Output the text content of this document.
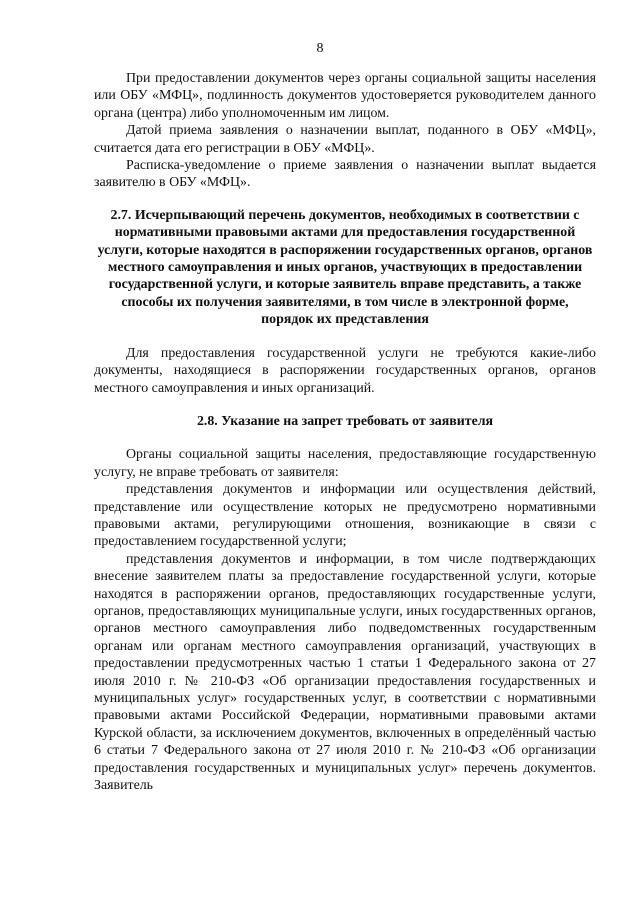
8

При предоставлении документов через органы социальной защиты населения или ОБУ «МФЦ», подлинность документов удостоверяется руководителем данного органа (центра) либо уполномоченным им лицом.

Датой приема заявления о назначении выплат, поданного в ОБУ «МФЦ», считается дата его регистрации в ОБУ «МФЦ».

Расписка-уведомление о приеме заявления о назначении выплат выдается заявителю в ОБУ «МФЦ».

2.7. Исчерпывающий перечень документов, необходимых в соответствии с нормативными правовыми актами для предоставления государственной услуги, которые находятся в распоряжении государственных органов, органов местного самоуправления и иных органов, участвующих в предоставлении государственной услуги, и которые заявитель вправе представить, а также способы их получения заявителями, в том числе в электронной форме, порядок их представления

Для предоставления государственной услуги не требуются какие-либо документы, находящиеся в распоряжении государственных органов, органов местного самоуправления и иных организаций.

2.8. Указание на запрет требовать от заявителя

Органы социальной защиты населения, предоставляющие государственную услугу, не вправе требовать от заявителя:

представления документов и информации или осуществления действий, представление или осуществление которых не предусмотрено нормативными правовыми актами, регулирующими отношения, возникающие в связи с предоставлением государственной услуги;

представления документов и информации, в том числе подтверждающих внесение заявителем платы за предоставление государственной услуги, которые находятся в распоряжении органов, предоставляющих государственные услуги, органов, предоставляющих муниципальные услуги, иных государственных органов, органов местного самоуправления либо подведомственных государственным органам или органам местного самоуправления организаций, участвующих в предоставлении предусмотренных частью 1 статьи 1 Федерального закона от 27 июля 2010 г. № 210-ФЗ «Об организации предоставления государственных и муниципальных услуг» государственных услуг, в соответствии с нормативными правовыми актами Российской Федерации, нормативными правовыми актами Курской области, за исключением документов, включенных в определённый частью 6 статьи 7 Федерального закона от 27 июля 2010 г. № 210-ФЗ «Об организации предоставления государственных и муниципальных услуг» перечень документов. Заявитель
